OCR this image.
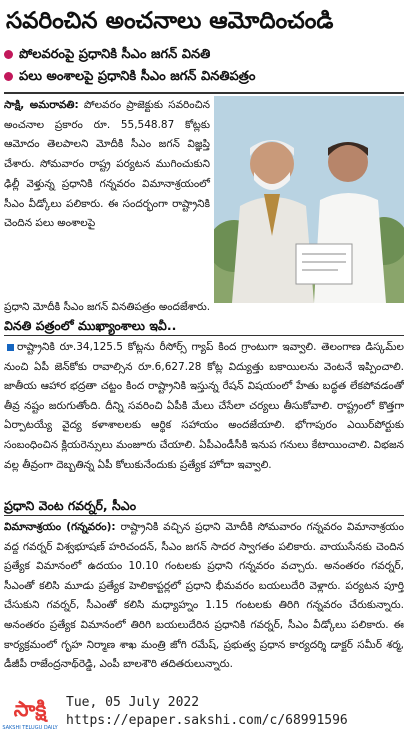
సవరించిన అంచనాలు ఆమోదించండి
పోలవరంపై ప్రధానికి సీఎం జగన్ వినతి
పలు అంశాలపై ప్రధానికి సీఎం జగన్ వినతిపత్రం
సాక్షి, అమరావతి: పోలవరం ప్రాజెక్టుకు సవరించిన అంచనాల ప్రకారం రూ. 55,548.87 కోట్లకు ఆమోదం తెలపాలని మోదీకి సీఎం జగన్ విజ్ఞప్తి చేశారు. సోమవారం రాష్ట్ర పర్యటన ముగించుకుని ఢిల్లీ వెళ్తున్న ప్రధానికి గన్నవరం విమానాశ్రయంలో సీఎం వీడ్కోలు పలికారు. ఈ సందర్భంగా రాష్ట్రానికి చెందిన పలు అంశాలపై
ప్రధాని మోదీకి సీఎం జగన్ వినతిపత్రం అందజేశారు.
వినతి పత్రంలో ముఖ్యాంశాలు ఇవీ..
రాష్ట్రానికి రూ.34,125.5 కోట్లను రీసోర్స్ గ్యాప్ కింద గ్రాంటుగా ఇవ్వాలి. తెలంగాణ డిస్కమ్‌ల నుంచి ఏపీ జెన్‌కోకు రావాల్సిన రూ.6,627.28 కోట్ల విద్యుత్తు బకాయిలను వెంటనే ఇప్పించాలి. జాతీయ ఆహార భద్రతా చట్టం కింద రాష్ట్రానికి ఇస్తున్న రేషన్ విషయంలో హేతు బద్ధత లేకపోవడంతో తీవ్ర నష్టం జరుగుతోంది. దీన్ని సవరించి ఏపీకి మేలు చేసేలా చర్యలు తీసుకోవాలి. రాష్ట్రంలో కొత్తగా ఏర్పాటయ్యే వైద్య కళాశాలలకు ఆర్థిక సహాయం అందజేయాలి. భోగాపురం ఎయిర్‌పోర్టుకు సంబంధించిన క్లియరెన్సులు మంజూరు చేయాలి. ఏపీఎండీసీకి ఇనుప గనులు కేటాయించాలి. విభజన వల్ల తీవ్రంగా దెబ్బతిన్న ఏపీ కోలుకునేందుకు ప్రత్యేక హోదా ఇవ్వాలి.
ప్రధాని వెంట గవర్నర్, సీఎం
విమానాశ్రయం (గన్నవరం): రాష్ట్రానికి వచ్చిన ప్రధాని మోదీకి సోమవారం గన్నవరం విమానాశ్రయం వద్ద గవర్నర్ విశ్వభూషణ్ హరిచందన్, సీఎం జగన్ సాదర స్వాగతం పలికారు. వాయుసేనకు చెందిన ప్రత్యేక విమానంలో ఉదయం 10.10 గంటలకు ప్రధాని గన్నవరం వచ్చారు. అనంతరం గవర్నర్, సీఎంతో కలిసి మూడు ప్రత్యేక హెలికాప్టర్లలో ప్రధాని భీమవరం బయలుదేరి వెళ్లారు. పర్యటన పూర్తి చేసుకుని గవర్నర్, సీఎంతో కలిసి మధ్యాహ్నం 1.15 గంటలకు తిరిగి గన్నవరం చేరుకున్నారు. అనంతరం ప్రత్యేక విమానంలో తిరిగి బయలుదేరిన ప్రధానికి గవర్నర్, సీఎం వీడ్కోలు పలికారు. ఈ కార్యక్రమంలో గృహ నిర్మాణ శాఖ మంత్రి జోగి రమేష్, ప్రభుత్వ ప్రధాన కార్యదర్శి డాక్టర్ సమీర్ శర్మ, డీజీపీ రాజేంద్రనాథ్‌రెడ్డి, ఎంపీ బాలశౌరి తదితరులున్నారు.
సాక్షి
SAKSHI TELUGU DAILY
Tue, 05 July 2022
https://epaper.sakshi.com/c/68991596
